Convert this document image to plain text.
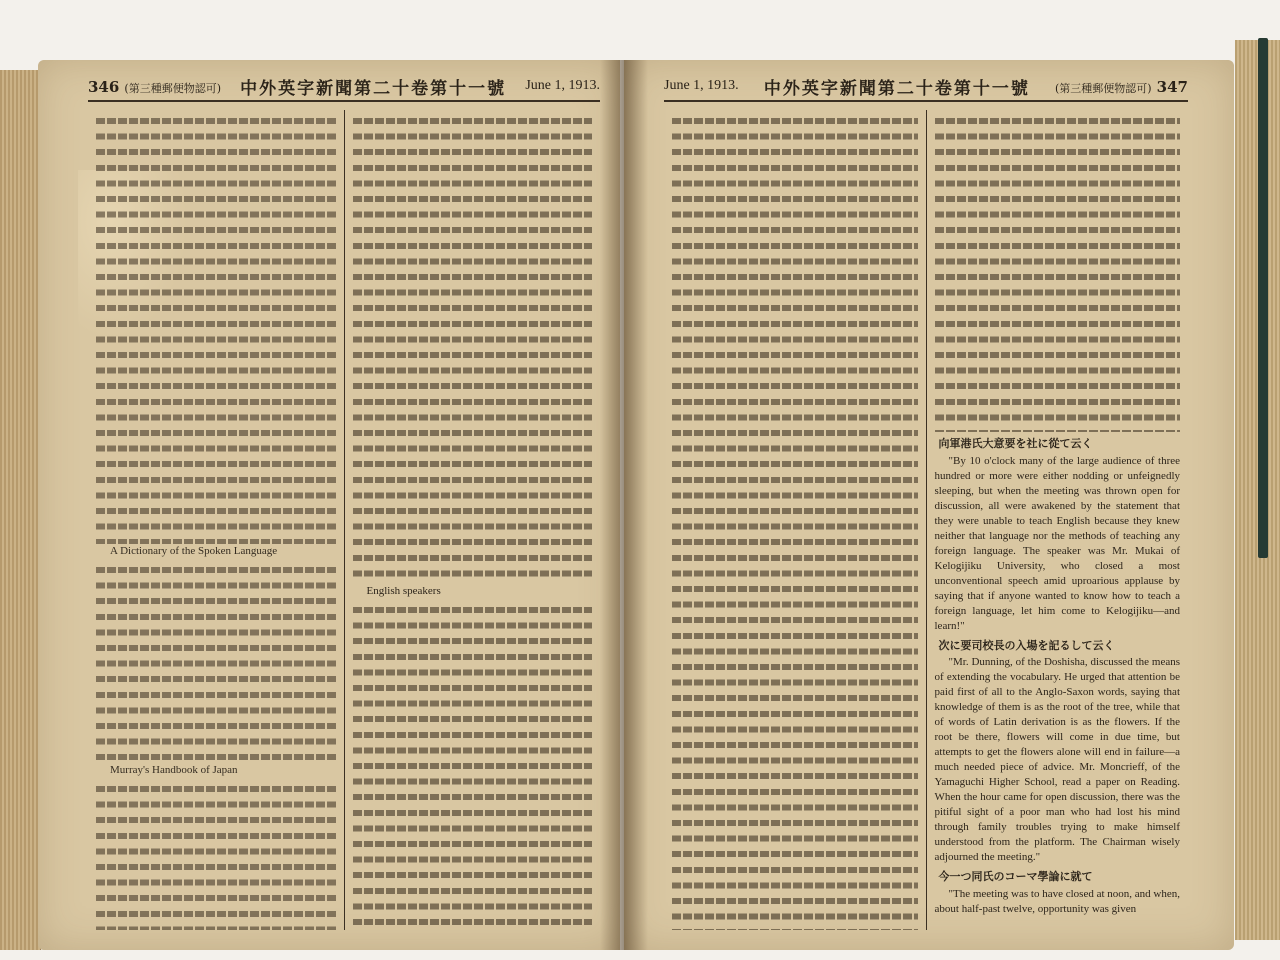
346 (第三種郵便物認可) 中外英字新聞第二十卷第十一號 June 1, 1913.

A Dictionary of the Spoken Language

Murray's Handbook of Japan

English speakers

June 1, 1913. 中外英字新聞第二十卷第十一號 (第三種郵便物認可) 347

向軍港氏大意要を社に從て云く

"By 10 o'clock many of the large audience of three hundred or more were either nodding or unfeignedly sleeping, but when the meeting was thrown open for discussion, all were awakened by the statement that they were unable to teach English because they knew neither that language nor the methods of teaching any foreign language. The speaker was Mr. Mukai of Kelogijiku University, who closed a most unconventional speech amid uproarious applause by saying that if anyone wanted to know how to teach a foreign language, let him come to Kelogijiku—and learn!"

次に要司校長の入場を記るして云く

"Mr. Dunning, of the Doshisha, discussed the means of extending the vocabulary. He urged that attention be paid first of all to the Anglo-Saxon words, saying that knowledge of them is as the root of the tree, while that of words of Latin derivation is as the flowers. If the root be there, flowers will come in due time, but attempts to get the flowers alone will end in failure—a much needed piece of advice. Mr. Moncrieff, of the Yamaguchi Higher School, read a paper on Reading. When the hour came for open discussion, there was the pitiful sight of a poor man who had lost his mind through family troubles trying to make himself understood from the platform. The Chairman wisely adjourned the meeting."

今一つ同氏のコーマ學論に就て

"The meeting was to have closed at noon, and when, about half-past twelve, opportunity was given
